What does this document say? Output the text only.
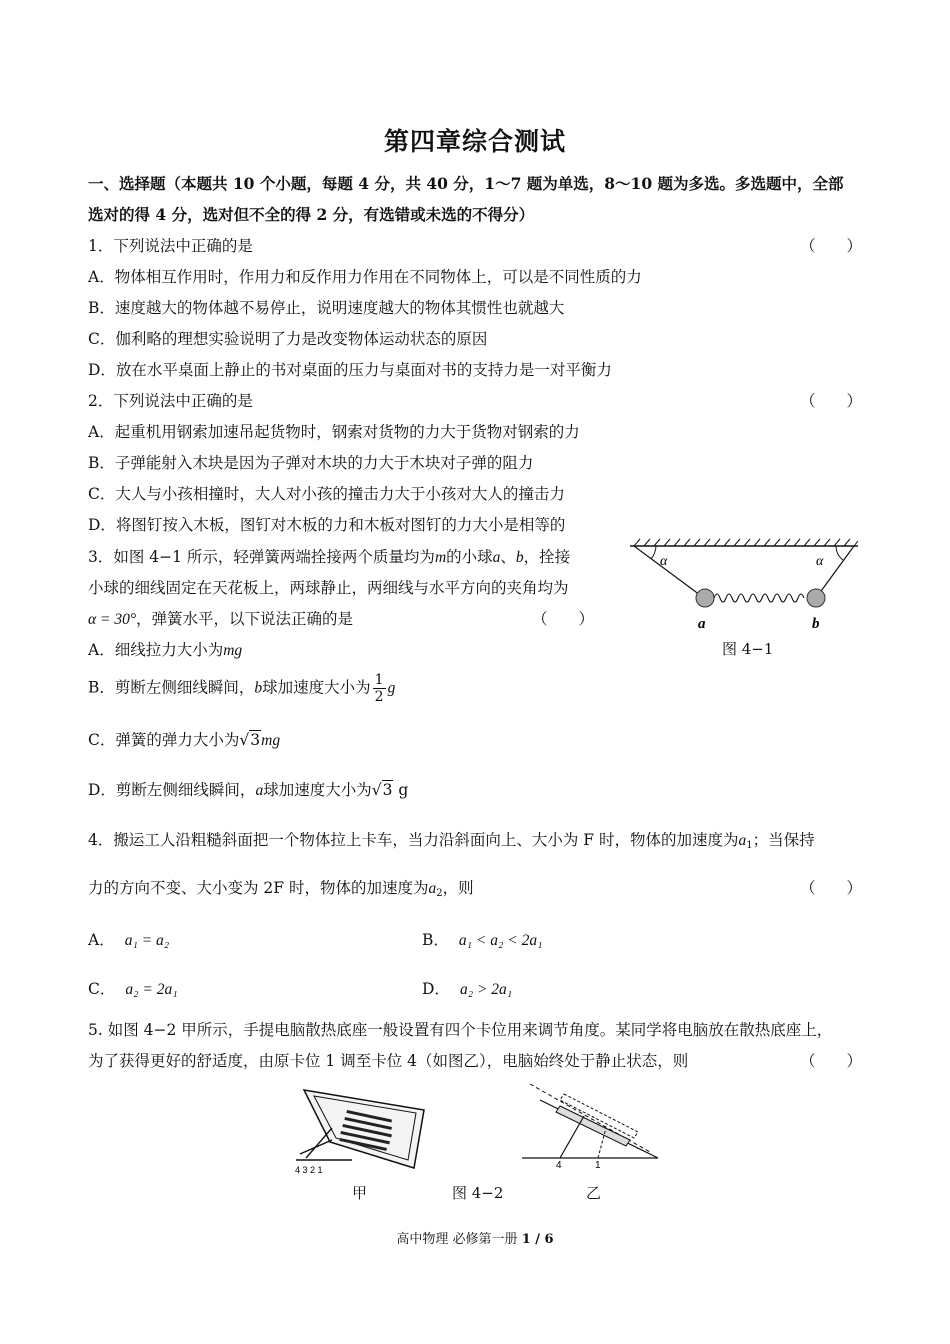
第四章综合测试
一、选择题（本题共 10 个小题，每题 4 分，共 40 分，1～7 题为单选，8～10 题为多选。多选题中，全部
选对的得 4 分，选对但不全的得 2 分，有选错或未选的不得分）
1．下列说法中正确的是	（　　）
A．物体相互作用时，作用力和反作用力作用在不同物体上，可以是不同性质的力
B．速度越大的物体越不易停止，说明速度越大的物体其惯性也就越大
C．伽利略的理想实验说明了力是改变物体运动状态的原因
D．放在水平桌面上静止的书对桌面的压力与桌面对书的支持力是一对平衡力
2．下列说法中正确的是	（　　）
A．起重机用钢索加速吊起货物时，钢索对货物的力大于货物对钢索的力
B．子弹能射入木块是因为子弹对木块的力大于木块对子弹的阻力
C．大人与小孩相撞时，大人对小孩的撞击力大于小孩对大人的撞击力
D．将图钉按入木板，图钉对木板的力和木板对图钉的力大小是相等的
3．如图 4−1 所示，轻弹簧两端拴接两个质量均为m的小球a、b，拴接
小球的细线固定在天花板上，两球静止，两细线与水平方向的夹角均为
α = 30°，弹簧水平，以下说法正确的是	（　　）
A．细线拉力大小为mg
B．剪断左侧细线瞬间，b球加速度大小为 $\frac{1}{2}$ g
C．弹簧的弹力大小为√3mg
D．剪断左侧细线瞬间，a球加速度大小为√3 g
α	α
a	b
图 4−1
4．搬运工人沿粗糙斜面把一个物体拉上卡车，当力沿斜面向上、大小为 F 时，物体的加速度为$a_1$；当保持
力的方向不变、大小变为 2F 时，物体的加速度为$a_2$，则	（　　）
A． a₁ = a₂	B． a₁ < a₂ < 2a₁
C． a₂ = 2a₁	D． a₂ > 2a₁
5. 如图 4−2 甲所示，手提电脑散热底座一般设置有四个卡位用来调节角度。某同学将电脑放在散热底座上，
为了获得更好的舒适度，由原卡位 1 调至卡位 4（如图乙），电脑始终处于静止状态，则	（　　）
4 3 2 1	4	1
甲	图 4−2	乙
高中物理 必修第一册 1 / 6
